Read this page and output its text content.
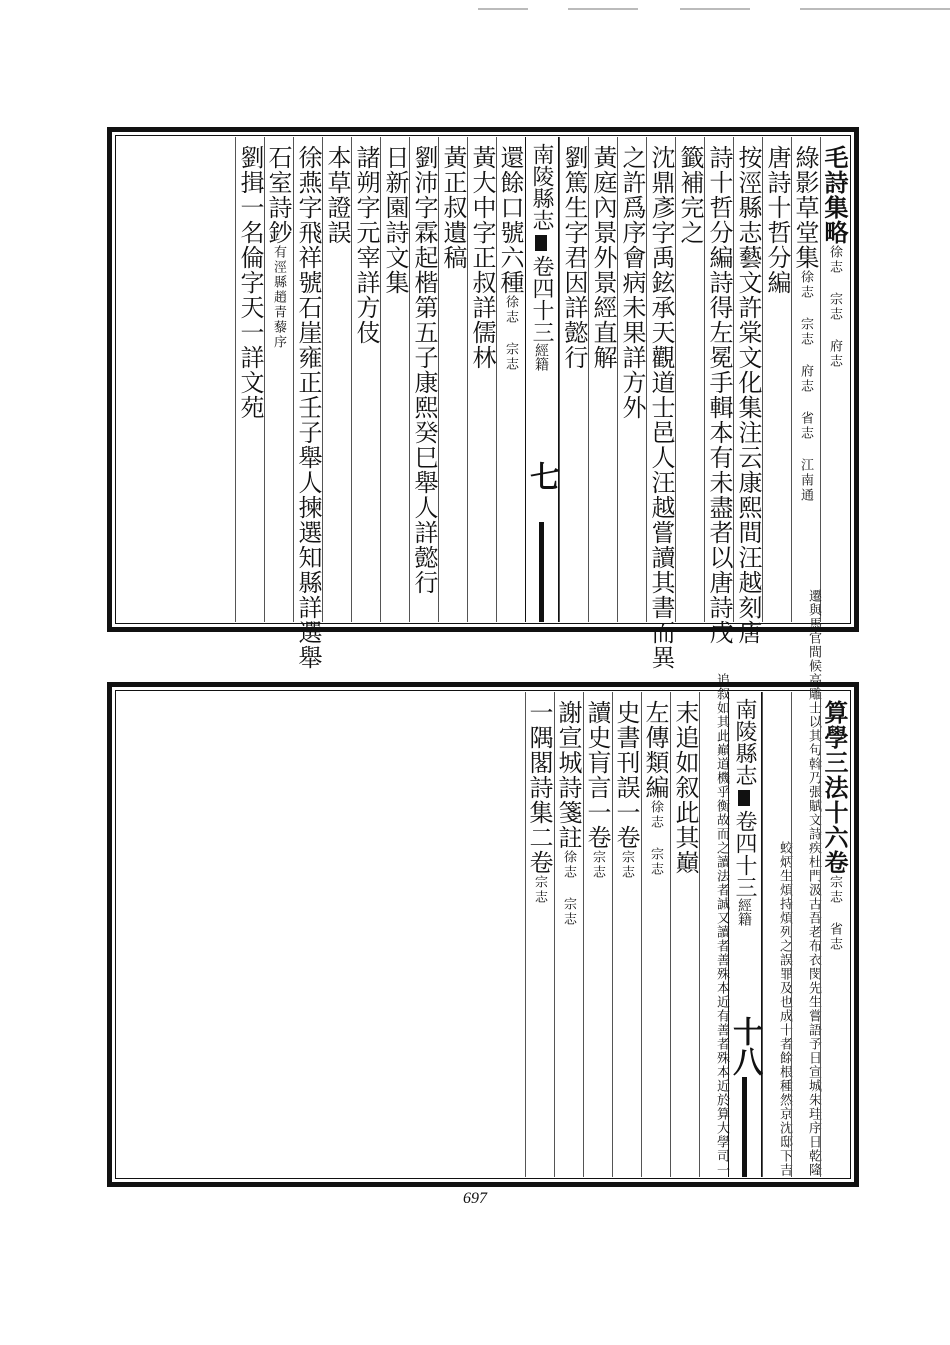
毛詩集略徐志 宗志 府志
綠影草堂集徐志 宗志 府志 省志 江南通
唐詩十哲分編
按涇縣志藝文許棠文化集注云康熙間汪越刻唐
詩十哲分編詩得左冕手輯本有未盡者以唐詩戊
籤補完之
沈鼎彥字禹鉉承天觀道士邑人汪越嘗讀其書而異
之許爲序會病未果詳方外
黃庭內景外景經直解
劉篤生字君因詳懿行
南陵縣志卷四十三經籍七
還餘口號六種徐志 宗志
黃大中字正叔詳儒林
黃正叔遺稿
劉沛字霖起楷第五子康熙癸巳舉人詳懿行
日新園詩文集
諸朔字元宰詳方伎
本草證誤
徐燕字飛祥號石崖雍正壬子舉人揀選知縣詳選舉
石室詩鈔有涇縣趙青藜序
劉揖一名倫字天一詳文苑
算學三法十六卷宗志 省志
朱珪序日乾隆
嘗語予日宣城
老布衣閔先生
疾杜門汲古吾
斡乃張賦文詩
高雕士以其句
遷與馬官間候
然京沈邸下吉
成十者餘根種
列之誤罪及也
蛟炳生煩持煩
南陵縣志卷四十三經籍十八
於算大學司一
有善者殊本近
讀者善殊本近
之讀法者誠又
道機乎衡故而
追叙如其此巔
末追如叙此其巔
左傳類編徐志 宗志
史書刊誤一卷宗志
讀史肓言一卷宗志
謝宣城詩箋註徐志 宗志
一隅閣詩集二卷宗志
697
